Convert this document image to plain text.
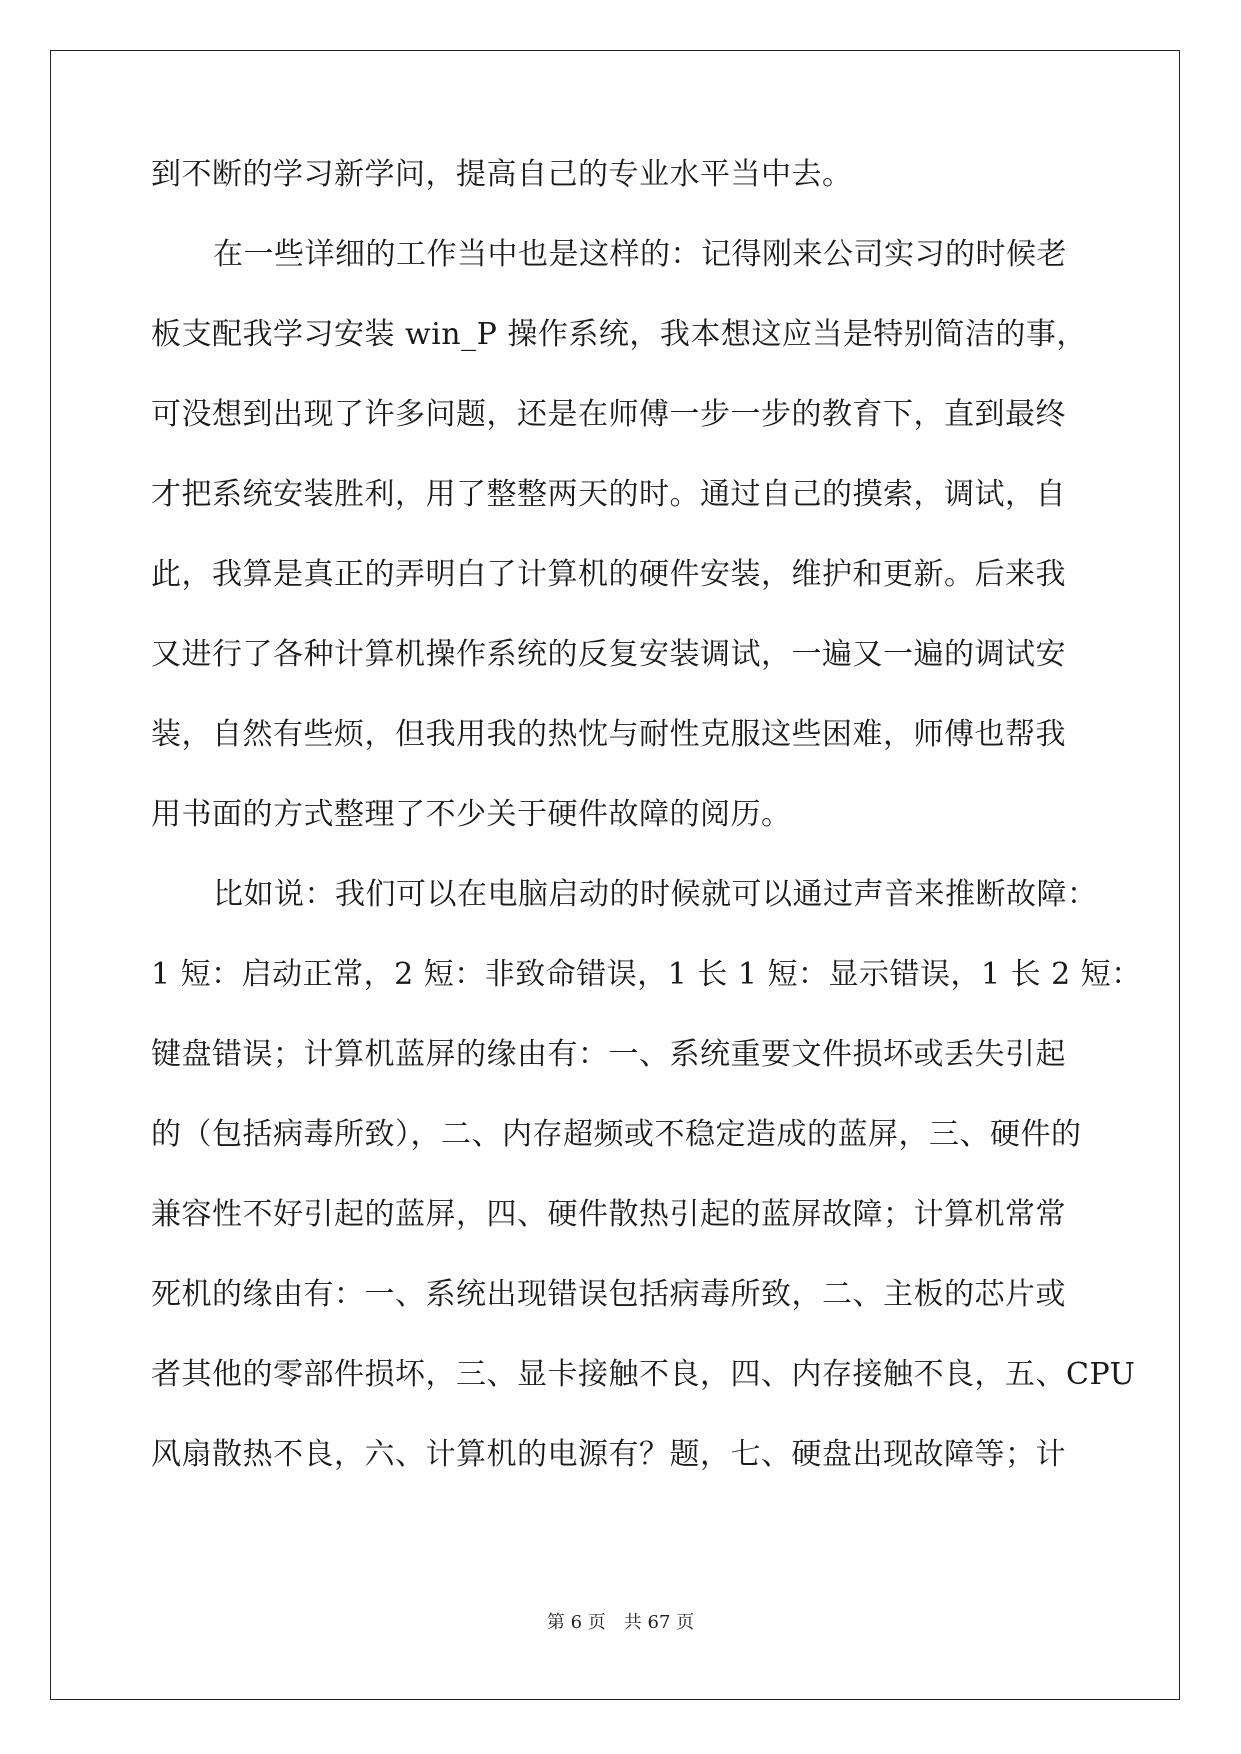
到不断的学习新学问，提高自己的专业水平当中去。
在一些详细的工作当中也是这样的：记得刚来公司实习的时候老
板支配我学习安装 win_P 操作系统，我本想这应当是特别简洁的事，
可没想到出现了许多问题，还是在师傅一步一步的教育下，直到最终
才把系统安装胜利，用了整整两天的时。通过自己的摸索，调试，自
此，我算是真正的弄明白了计算机的硬件安装，维护和更新。后来我
又进行了各种计算机操作系统的反复安装调试，一遍又一遍的调试安
装，自然有些烦，但我用我的热忱与耐性克服这些困难，师傅也帮我
用书面的方式整理了不少关于硬件故障的阅历。
比如说：我们可以在电脑启动的时候就可以通过声音来推断故障：
1 短：启动正常，2 短：非致命错误，1 长 1 短：显示错误，1 长 2 短：
键盘错误；计算机蓝屏的缘由有：一、系统重要文件损坏或丢失引起
的（包括病毒所致），二、内存超频或不稳定造成的蓝屏，三、硬件的
兼容性不好引起的蓝屏，四、硬件散热引起的蓝屏故障；计算机常常
死机的缘由有：一、系统出现错误包括病毒所致，二、主板的芯片或
者其他的零部件损坏，三、显卡接触不良，四、内存接触不良，五、CPU
风扇散热不良，六、计算机的电源有？题，七、硬盘出现故障等；计
第 6 页 共 67 页
